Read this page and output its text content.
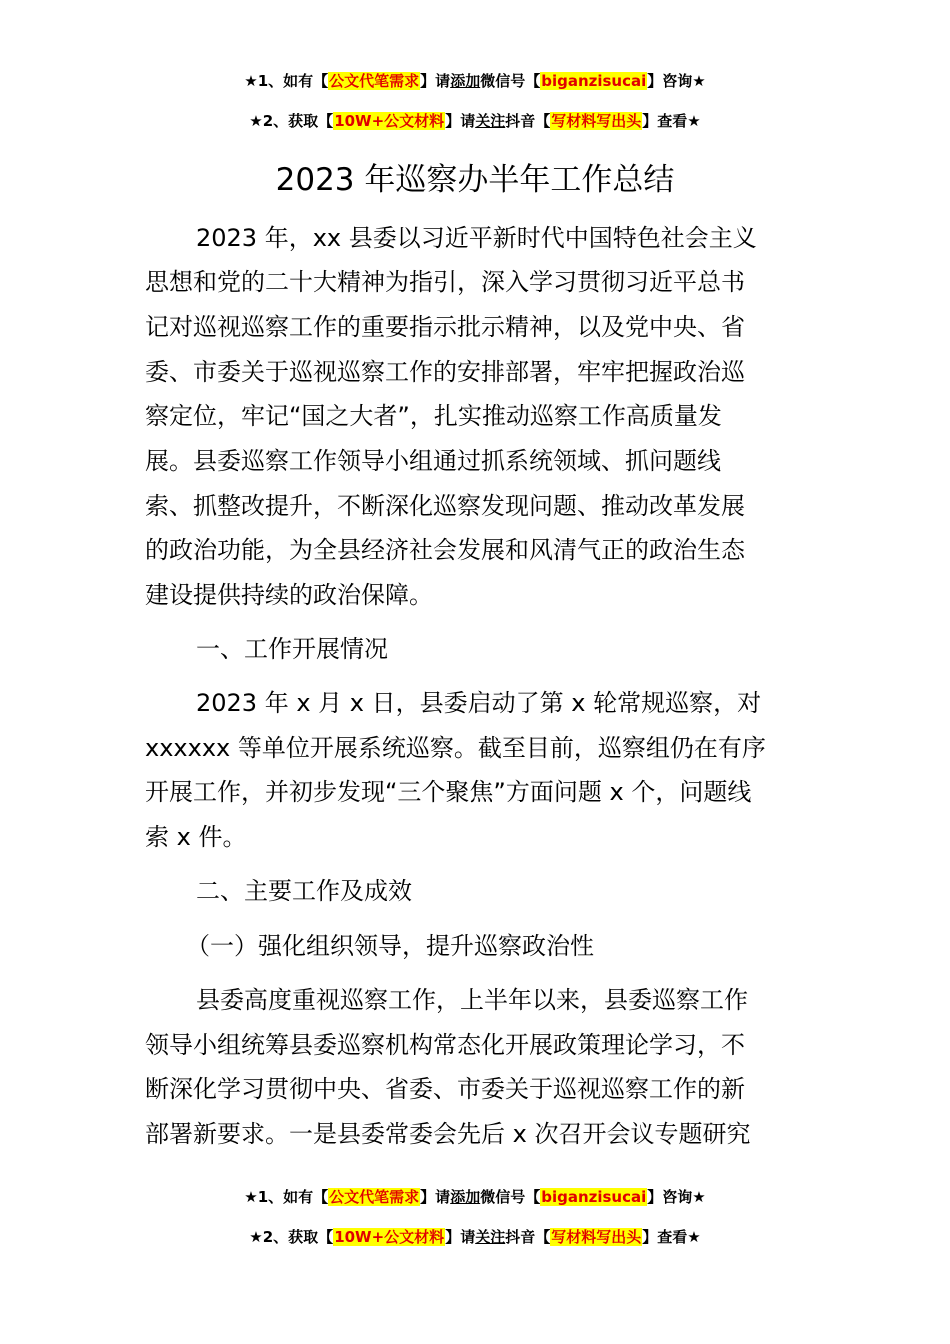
★1、如有【公文代笔需求】请添加微信号【biganzisucai】咨询★
★2、获取【10W+公文材料】请关注抖音【写材料写出头】查看★
2023 年巡察办半年工作总结
2023 年，xx 县委以习近平新时代中国特色社会主义
思想和党的二十大精神为指引，深入学习贯彻习近平总书
记对巡视巡察工作的重要指示批示精神，以及党中央、省
委、市委关于巡视巡察工作的安排部署，牢牢把握政治巡
察定位，牢记“国之大者”，扎实推动巡察工作高质量发
展。县委巡察工作领导小组通过抓系统领域、抓问题线
索、抓整改提升，不断深化巡察发现问题、推动改革发展
的政治功能，为全县经济社会发展和风清气正的政治生态
建设提供持续的政治保障。
一、工作开展情况
2023 年 x 月 x 日，县委启动了第 x 轮常规巡察，对
xxxxxx 等单位开展系统巡察。截至目前，巡察组仍在有序
开展工作，并初步发现“三个聚焦”方面问题 x 个，问题线
索 x 件。
二、主要工作及成效
（一）强化组织领导，提升巡察政治性
县委高度重视巡察工作，上半年以来，县委巡察工作
领导小组统筹县委巡察机构常态化开展政策理论学习，不
断深化学习贯彻中央、省委、市委关于巡视巡察工作的新
部署新要求。一是县委常委会先后 x 次召开会议专题研究
★1、如有【公文代笔需求】请添加微信号【biganzisucai】咨询★
★2、获取【10W+公文材料】请关注抖音【写材料写出头】查看★
